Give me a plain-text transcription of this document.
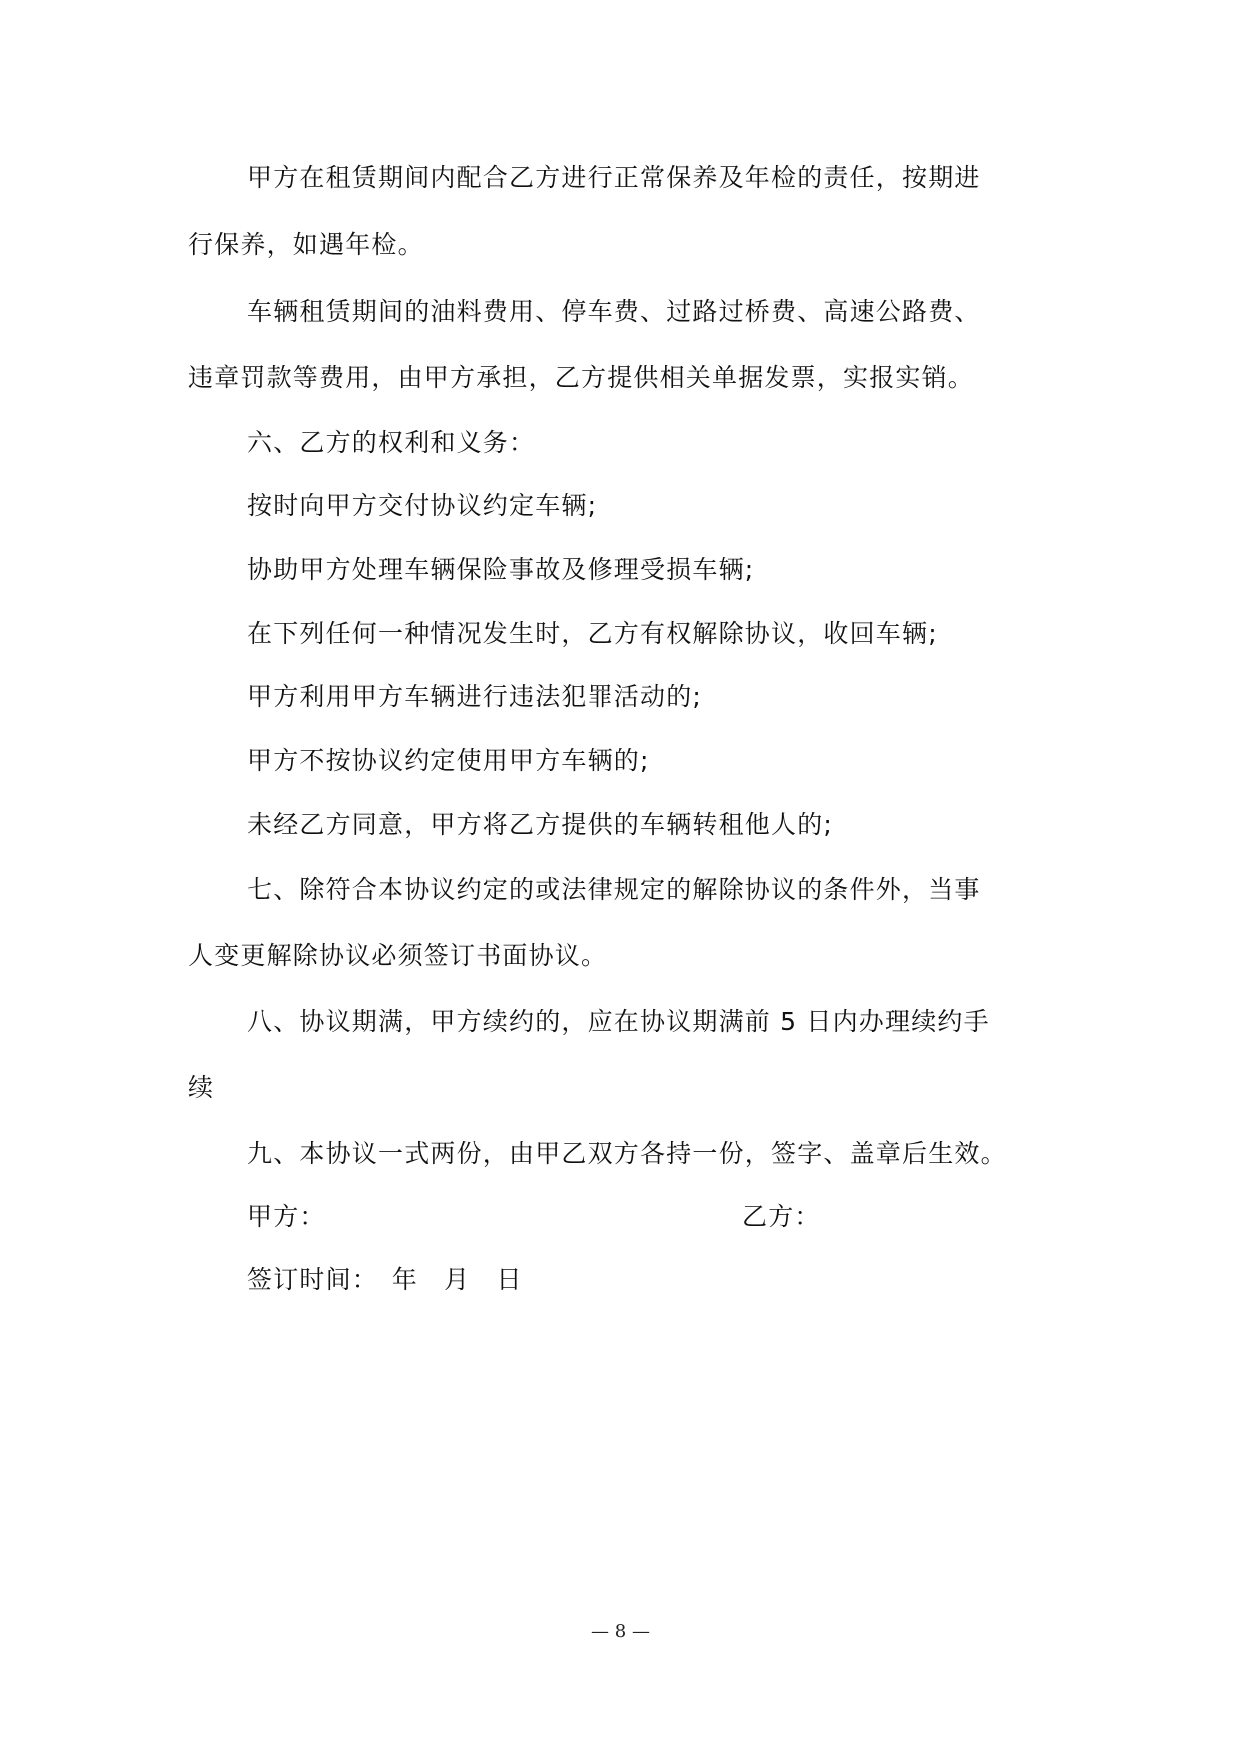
甲方在租赁期间内配合乙方进行正常保养及年检的责任，按期进
行保养，如遇年检。
车辆租赁期间的油料费用、停车费、过路过桥费、高速公路费、
违章罚款等费用，由甲方承担，乙方提供相关单据发票，实报实销。
六、乙方的权利和义务：
按时向甲方交付协议约定车辆;
协助甲方处理车辆保险事故及修理受损车辆;
在下列任何一种情况发生时，乙方有权解除协议，收回车辆;
甲方利用甲方车辆进行违法犯罪活动的;
甲方不按协议约定使用甲方车辆的;
未经乙方同意，甲方将乙方提供的车辆转租他人的;
七、除符合本协议约定的或法律规定的解除协议的条件外，当事
人变更解除协议必须签订书面协议。
八、协议期满，甲方续约的，应在协议期满前 5 日内办理续约手
续
九、本协议一式两份，由甲乙双方各持一份，签字、盖章后生效。
甲方：	乙方：
签订时间：　年　月　日
— 8 —
